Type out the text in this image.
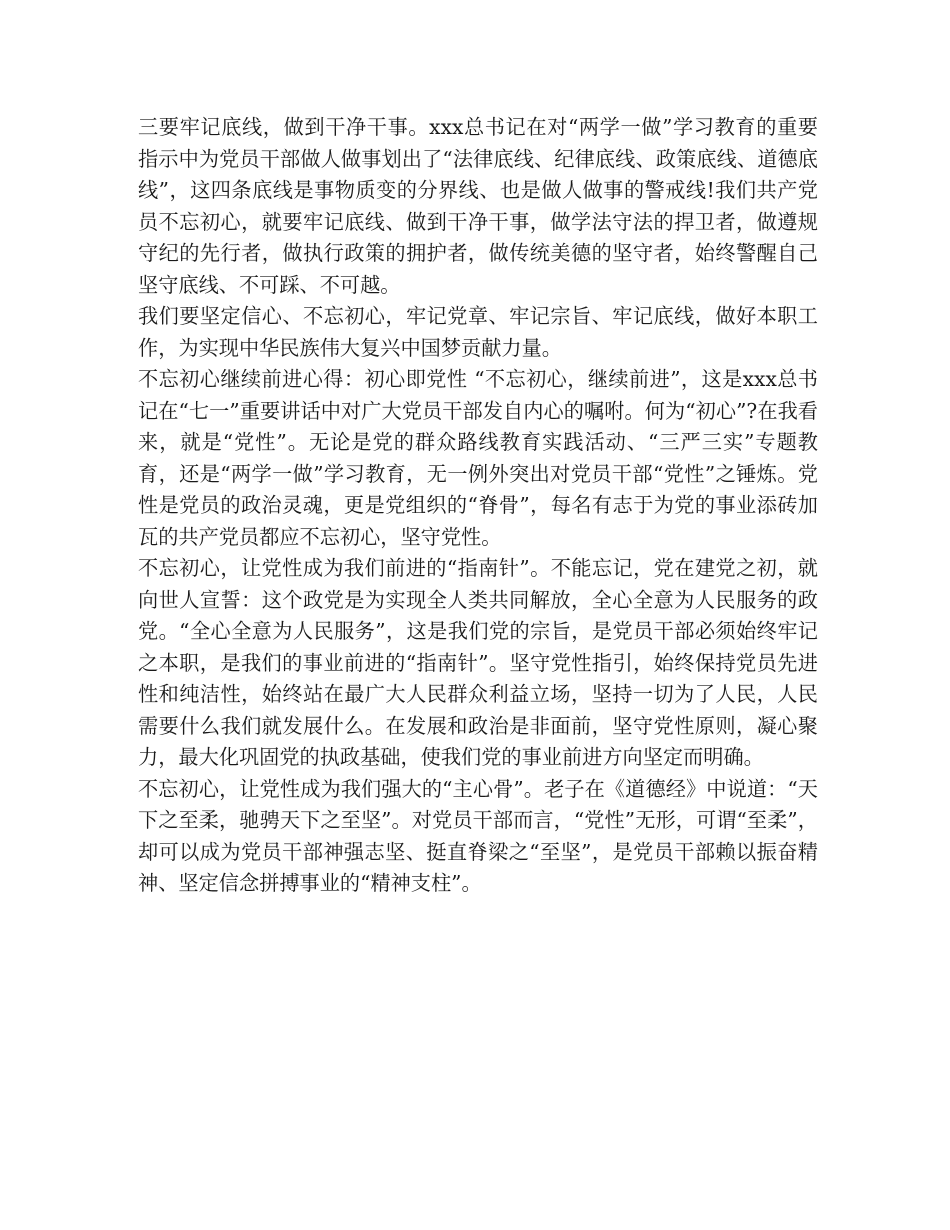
三要牢记底线，做到干净干事。xxx总书记在对“两学一做”学习教育的重要指示中为党员干部做人做事划出了“法律底线、纪律底线、政策底线、道德底线”，这四条底线是事物质变的分界线、也是做人做事的警戒线!我们共产党员不忘初心，就要牢记底线、做到干净干事，做学法守法的捍卫者，做遵规守纪的先行者，做执行政策的拥护者，做传统美德的坚守者，始终警醒自己坚守底线、不可踩、不可越。

我们要坚定信心、不忘初心，牢记党章、牢记宗旨、牢记底线，做好本职工作，为实现中华民族伟大复兴中国梦贡献力量。

不忘初心继续前进心得：初心即党性 “不忘初心，继续前进”，这是xxx总书记在“七一”重要讲话中对广大党员干部发自内心的嘱咐。何为“初心”?在我看来，就是“党性”。无论是党的群众路线教育实践活动、“三严三实”专题教育，还是“两学一做”学习教育，无一例外突出对党员干部“党性”之锤炼。党性是党员的政治灵魂，更是党组织的“脊骨”，每名有志于为党的事业添砖加瓦的共产党员都应不忘初心，坚守党性。

不忘初心，让党性成为我们前进的“指南针”。不能忘记，党在建党之初，就向世人宣誓：这个政党是为实现全人类共同解放，全心全意为人民服务的政党。“全心全意为人民服务”，这是我们党的宗旨，是党员干部必须始终牢记之本职，是我们的事业前进的“指南针”。坚守党性指引，始终保持党员先进性和纯洁性，始终站在最广大人民群众利益立场，坚持一切为了人民，人民需要什么我们就发展什么。在发展和政治是非面前，坚守党性原则，凝心聚力，最大化巩固党的执政基础，使我们党的事业前进方向坚定而明确。

不忘初心，让党性成为我们强大的“主心骨”。老子在《道德经》中说道：“天下之至柔，驰骋天下之至坚”。对党员干部而言，“党性”无形，可谓“至柔”，却可以成为党员干部神强志坚、挺直脊梁之“至坚”，是党员干部赖以振奋精神、坚定信念拼搏事业的“精神支柱”。
